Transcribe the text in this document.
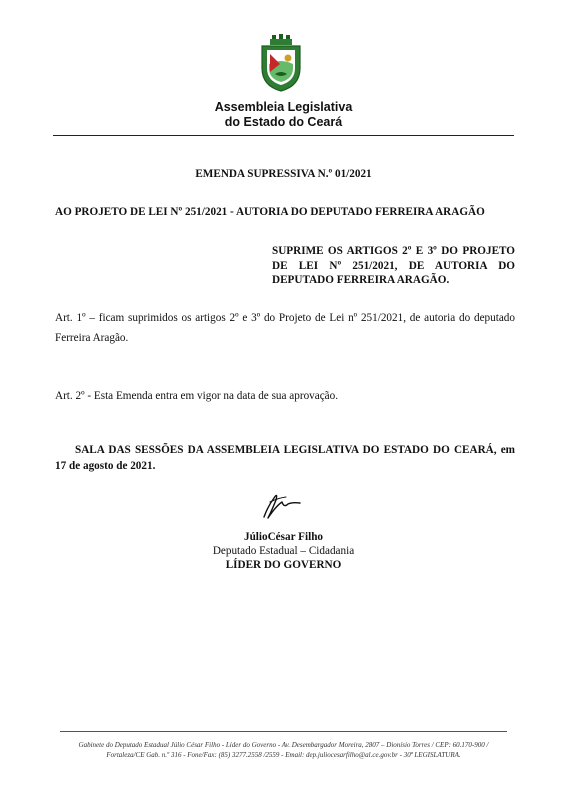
Assembleia Legislativa
do Estado do Ceará
EMENDA SUPRESSIVA N.º 01/2021
AO PROJETO DE LEI Nº 251/2021 - AUTORIA DO DEPUTADO FERREIRA ARAGÃO
SUPRIME OS ARTIGOS 2º E 3º DO PROJETO DE LEI Nº 251/2021, DE AUTORIA DO DEPUTADO FERREIRA ARAGÃO.
Art. 1º – ficam suprimidos os artigos 2º e 3º do Projeto de Lei nº 251/2021, de autoria do deputado Ferreira Aragão.
Art. 2º - Esta Emenda entra em vigor na data de sua aprovação.
SALA DAS SESSÕES DA ASSEMBLEIA LEGISLATIVA DO ESTADO DO CEARÁ, em 17 de agosto de 2021.
JúlioCésar Filho
Deputado Estadual – Cidadania
LÍDER DO GOVERNO
Gabinete do Deputado Estadual Júlio César Filho - Líder do Governo - Av. Desembargador Moreira, 2807 – Dionísio Torres / CEP: 60.170-900 /
Fortaleza/CE Gab. n.º 316 - Fone/Fax: (85) 3277.2558 /2559 - Email: dep.juliocesarfilho@al.ce.gov.br - 30ª LEGISLATURA.
